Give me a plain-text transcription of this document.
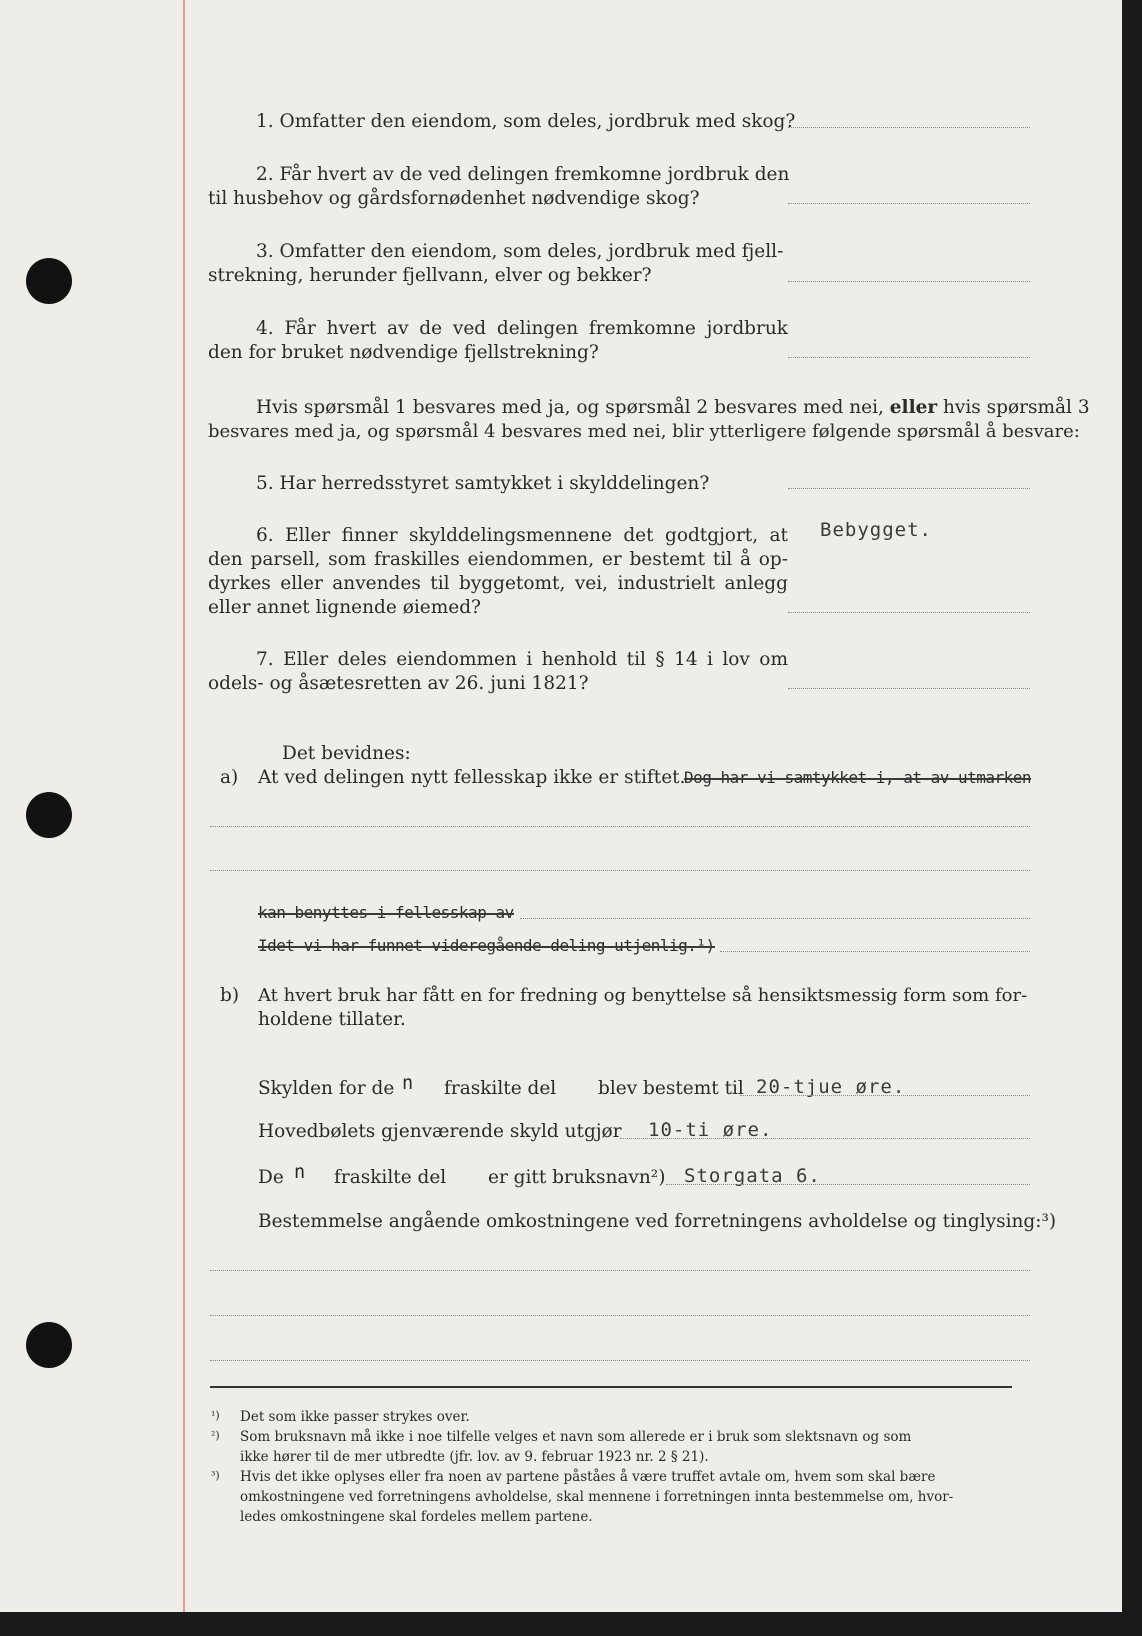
1. Omfatter den eiendom, som deles, jordbruk med skog?
2. Får hvert av de ved delingen fremkomne jordbruk den
til husbehov og gårdsfornødenhet nødvendige skog?
3. Omfatter den eiendom, som deles, jordbruk med fjell-
strekning, herunder fjellvann, elver og bekker?
4. Får hvert av de ved delingen fremkomne jordbruk
den for bruket nødvendige fjellstrekning?
Hvis spørsmål 1 besvares med ja, og spørsmål 2 besvares med nei, eller hvis spørsmål 3
besvares med ja, og spørsmål 4 besvares med nei, blir ytterligere følgende spørsmål å besvare:
5. Har herredsstyret samtykket i skylddelingen?
6. Eller finner skylddelingsmennene det godtgjort, at
den parsell, som fraskilles eiendommen, er bestemt til å op-
dyrkes eller anvendes til byggetomt, vei, industrielt anlegg
eller annet lignende øiemed?
Bebygget.
7. Eller deles eiendommen i henhold til § 14 i lov om
odels- og åsætesretten av 26. juni 1821?
Det bevidnes:
a) At ved delingen nytt fellesskap ikke er stiftet.
Dog har vi samtykket i, at av utmarken
kan benyttes i fellesskap av
Idet vi har funnet videregående deling utjenlig.¹)
b) At hvert bruk har fått en for fredning og benyttelse så hensiktsmessig form som for-
holdene tillater.
Skylden for de n fraskilte del blev bestemt til 20-tjue øre.
Hovedbølets gjenværende skyld utgjør 10-ti øre.
De n fraskilte del er gitt bruksnavn²) Storgata 6.
Bestemmelse angående omkostningene ved forretningens avholdelse og tinglysing:³)
¹) Det som ikke passer strykes over.
²) Som bruksnavn må ikke i noe tilfelle velges et navn som allerede er i bruk som slektsnavn og som
ikke hører til de mer utbredte (jfr. lov. av 9. februar 1923 nr. 2 § 21).
³) Hvis det ikke oplyses eller fra noen av partene påståes å være truffet avtale om, hvem som skal bære
omkostningene ved forretningens avholdelse, skal mennene i forretningen innta bestemmelse om, hvor-
ledes omkostningene skal fordeles mellem partene.
